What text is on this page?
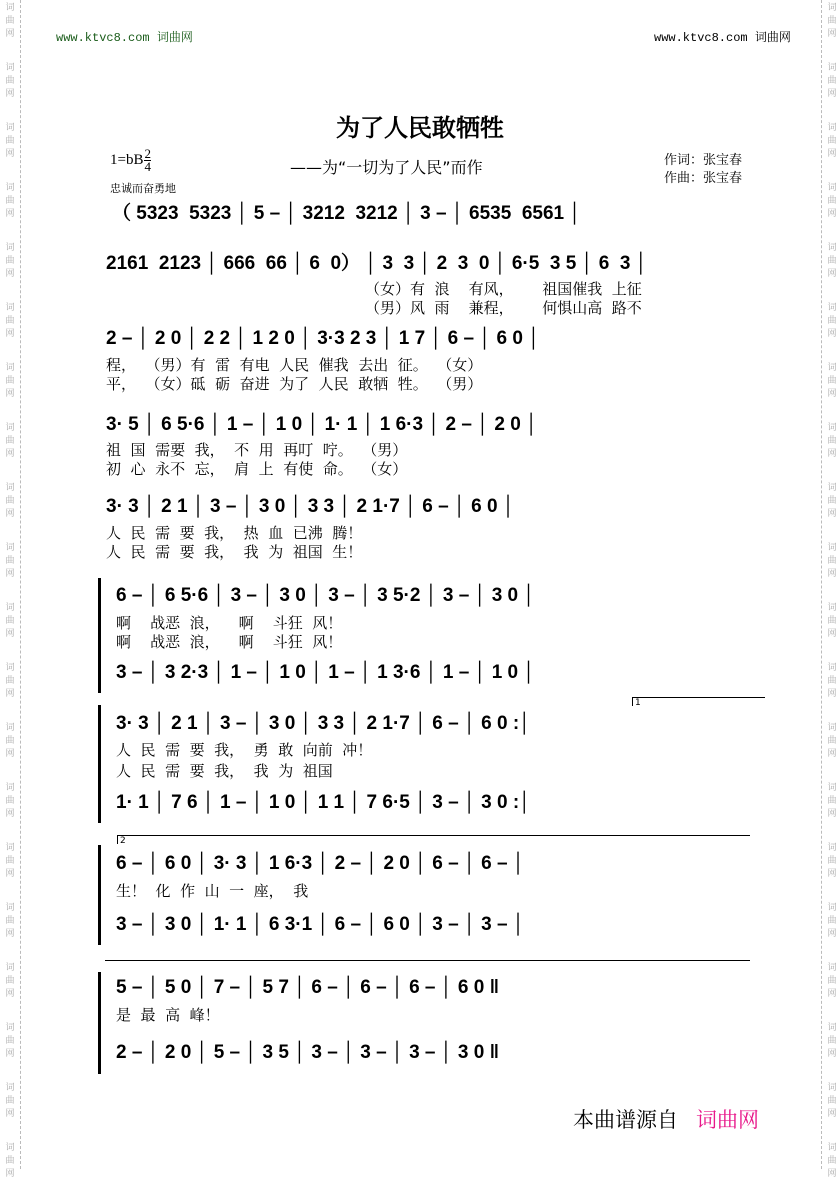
词
曲
网
词
曲
网
词
曲
网
词
曲
网
词
曲
网
词
曲
网
词
曲
网
词
曲
网
词
曲
网
词
曲
网
词
曲
网
词
曲
网
词
曲
网
词
曲
网
词
曲
网
词
曲
网
词
曲
网
词
曲
网
词
曲
网
词
曲
网
词
曲
网
词
曲
网
词
曲
网
词
曲
网
词
曲
网
词
曲
网
词
曲
网
词
曲
网
词
曲
网
词
曲
网
词
曲
网
词
曲
网
词
曲
网
词
曲
网
词
曲
网
词
曲
网
词
曲
网
词
曲
网
词
曲
网
词
曲
网
www.ktvc8.com 词曲网	www.ktvc8.com 词曲网
为了人民敢牺牲
$1=bB \frac{2}{4}$
忠诚而奋勇地
——为“一切为了人民”而作	作词：张宝春
作曲：张宝春
（ 5323  5323 │ 5 – │ 3212  3212 │ 3 – │ 6535  6561 │
2161  2123 │ 666  66 │ 6  0） │ 3  3 │ 2  3  0 │ 6·5  3 5 │ 6  3 │
（女）有  浪    有风，      祖国催我  上征
（男）风  雨    兼程，      何惧山高  路不
2 – │ 2 0 │ 2 2 │ 1 2 0 │ 3·3 2 3 │ 1 7 │ 6 – │ 6 0 │
程，  （男）有  雷  有电  人民  催我  去出  征。  （女）
平，  （女）砥  砺  奋进  为了  人民  敢牺  牲。  （男）
3· 5 │ 6 5·6 │ 1 – │ 1 0 │ 1· 1 │ 1 6·3 │ 2 – │ 2 0 │
祖  国  需要  我，  不  用  再叮  咛。  （男）
初  心  永不  忘，  肩  上  有使  命。  （女）
3· 3 │ 2 1 │ 3 – │ 3 0 │ 3 3 │ 2 1·7 │ 6 – │ 6 0 │
人  民  需  要  我，  热  血  已沸  腾！
人  民  需  要  我，  我  为  祖国  生！
6 – │ 6 5·6 │ 3 – │ 3 0 │ 3 – │ 3 5·2 │ 3 – │ 3 0 │
啊    战恶  浪，    啊    斗狂  风！
啊    战恶  浪，    啊    斗狂  风！
3 – │ 3 2·3 │ 1 – │ 1 0 │ 1 – │ 1 3·6 │ 1 – │ 1 0 │
1
3· 3 │ 2 1 │ 3 – │ 3 0 │ 3 3 │ 2 1·7 │ 6 – │ 6 0 :│
人  民  需  要  我，  勇  敢  向前  冲！
人  民  需  要  我，  我  为  祖国
1· 1 │ 7 6 │ 1 – │ 1 0 │ 1 1 │ 7 6·5 │ 3 – │ 3 0 :│
2
6 – │ 6 0 │ 3· 3 │ 1 6·3 │ 2 – │ 2 0 │ 6 – │ 6 – │
生！  化  作  山  一  座，  我
3 – │ 3 0 │ 1· 1 │ 6 3·1 │ 6 – │ 6 0 │ 3 – │ 3 – │
5 – │ 5 0 │ 7 – │ 5 7 │ 6 – │ 6 – │ 6 – │ 6 0 ‖
是  最  高  峰！
2 – │ 2 0 │ 5 – │ 3 5 │ 3 – │ 3 – │ 3 – │ 3 0 ‖
本曲谱源自 词曲网
